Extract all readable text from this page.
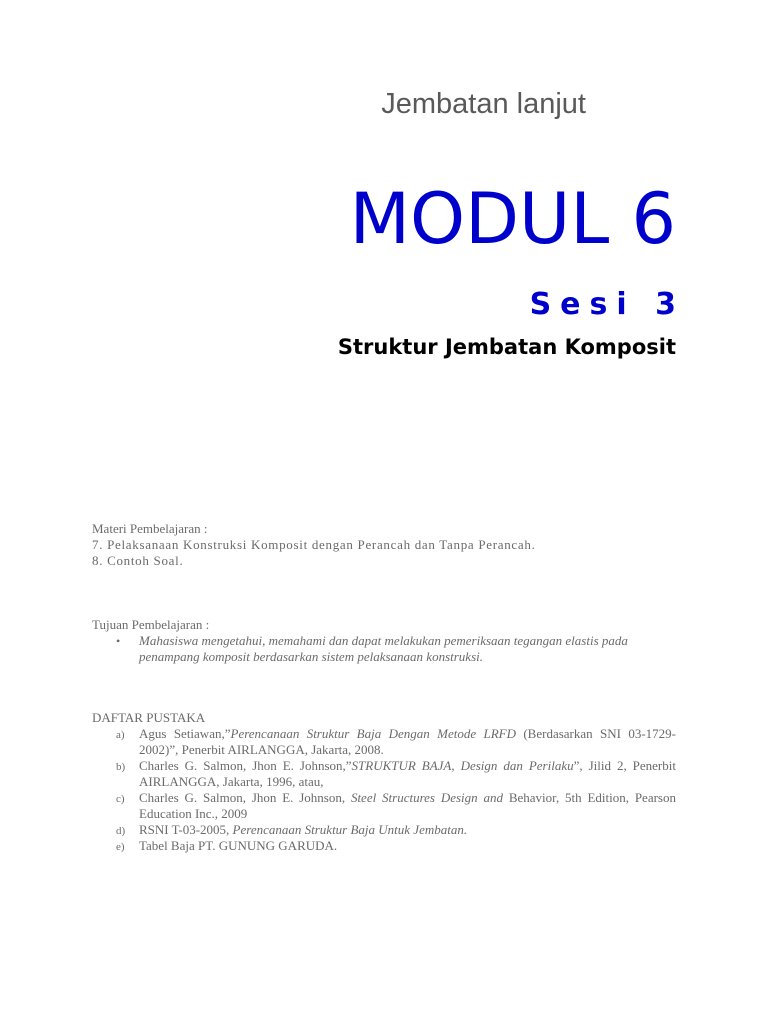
Jembatan lanjut
MODUL 6
Sesi 3
Struktur Jembatan Komposit
Materi Pembelajaran :
7. Pelaksanaan Konstruksi Komposit dengan Perancah dan Tanpa Perancah.
8. Contoh Soal.
Tujuan Pembelajaran :
• Mahasiswa mengetahui, memahami dan dapat melakukan pemeriksaan tegangan elastis pada penampang komposit berdasarkan sistem pelaksanaan konstruksi.
DAFTAR PUSTAKA
a) Agus Setiawan,”Perencanaan Struktur Baja Dengan Metode LRFD (Berdasarkan SNI 03-1729-2002)”, Penerbit AIRLANGGA, Jakarta, 2008.
b) Charles G. Salmon, Jhon E. Johnson,”STRUKTUR BAJA, Design dan Perilaku”, Jilid 2, Penerbit AIRLANGGA, Jakarta, 1996, atau,
c) Charles G. Salmon, Jhon E. Johnson, Steel Structures Design and Behavior, 5th Edition, Pearson Education Inc., 2009
d) RSNI T-03-2005, Perencanaan Struktur Baja Untuk Jembatan.
e) Tabel Baja PT. GUNUNG GARUDA.
